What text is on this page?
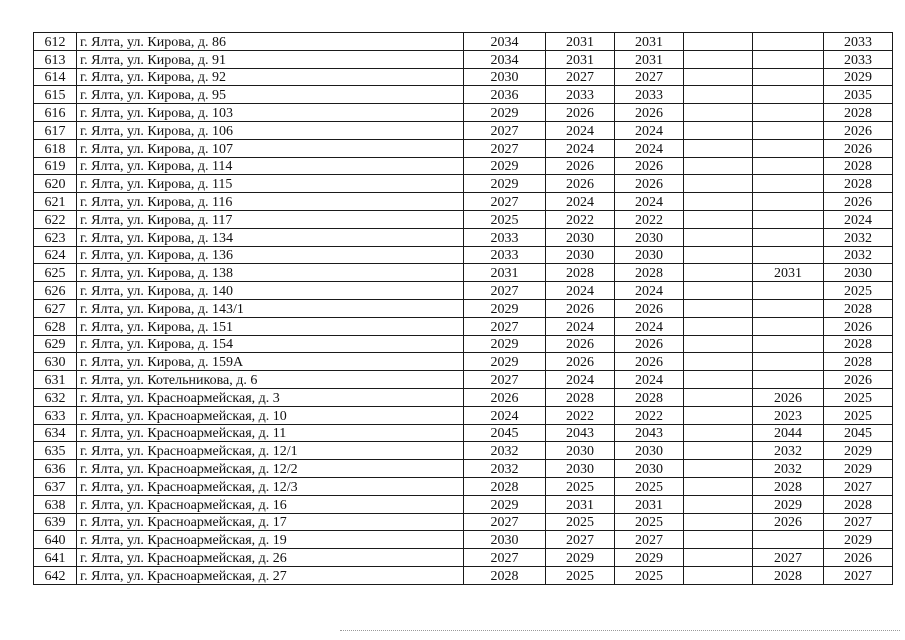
612	г. Ялта, ул. Кирова, д. 86	2034	2031	2031			2033
613	г. Ялта, ул. Кирова, д. 91	2034	2031	2031			2033
614	г. Ялта, ул. Кирова, д. 92	2030	2027	2027			2029
615	г. Ялта, ул. Кирова, д. 95	2036	2033	2033			2035
616	г. Ялта, ул. Кирова, д. 103	2029	2026	2026			2028
617	г. Ялта, ул. Кирова, д. 106	2027	2024	2024			2026
618	г. Ялта, ул. Кирова, д. 107	2027	2024	2024			2026
619	г. Ялта, ул. Кирова, д. 114	2029	2026	2026			2028
620	г. Ялта, ул. Кирова, д. 115	2029	2026	2026			2028
621	г. Ялта, ул. Кирова, д. 116	2027	2024	2024			2026
622	г. Ялта, ул. Кирова, д. 117	2025	2022	2022			2024
623	г. Ялта, ул. Кирова, д. 134	2033	2030	2030			2032
624	г. Ялта, ул. Кирова, д. 136	2033	2030	2030			2032
625	г. Ялта, ул. Кирова, д. 138	2031	2028	2028		2031	2030
626	г. Ялта, ул. Кирова, д. 140	2027	2024	2024			2025
627	г. Ялта, ул. Кирова, д. 143/1	2029	2026	2026			2028
628	г. Ялта, ул. Кирова, д. 151	2027	2024	2024			2026
629	г. Ялта, ул. Кирова, д. 154	2029	2026	2026			2028
630	г. Ялта, ул. Кирова, д. 159А	2029	2026	2026			2028
631	г. Ялта, ул. Котельникова, д. 6	2027	2024	2024			2026
632	г. Ялта, ул. Красноармейская, д. 3	2026	2028	2028		2026	2025
633	г. Ялта, ул. Красноармейская, д. 10	2024	2022	2022		2023	2025
634	г. Ялта, ул. Красноармейская, д. 11	2045	2043	2043		2044	2045
635	г. Ялта, ул. Красноармейская, д. 12/1	2032	2030	2030		2032	2029
636	г. Ялта, ул. Красноармейская, д. 12/2	2032	2030	2030		2032	2029
637	г. Ялта, ул. Красноармейская, д. 12/3	2028	2025	2025		2028	2027
638	г. Ялта, ул. Красноармейская, д. 16	2029	2031	2031		2029	2028
639	г. Ялта, ул. Красноармейская, д. 17	2027	2025	2025		2026	2027
640	г. Ялта, ул. Красноармейская, д. 19	2030	2027	2027			2029
641	г. Ялта, ул. Красноармейская, д. 26	2027	2029	2029		2027	2026
642	г. Ялта, ул. Красноармейская, д. 27	2028	2025	2025		2028	2027
